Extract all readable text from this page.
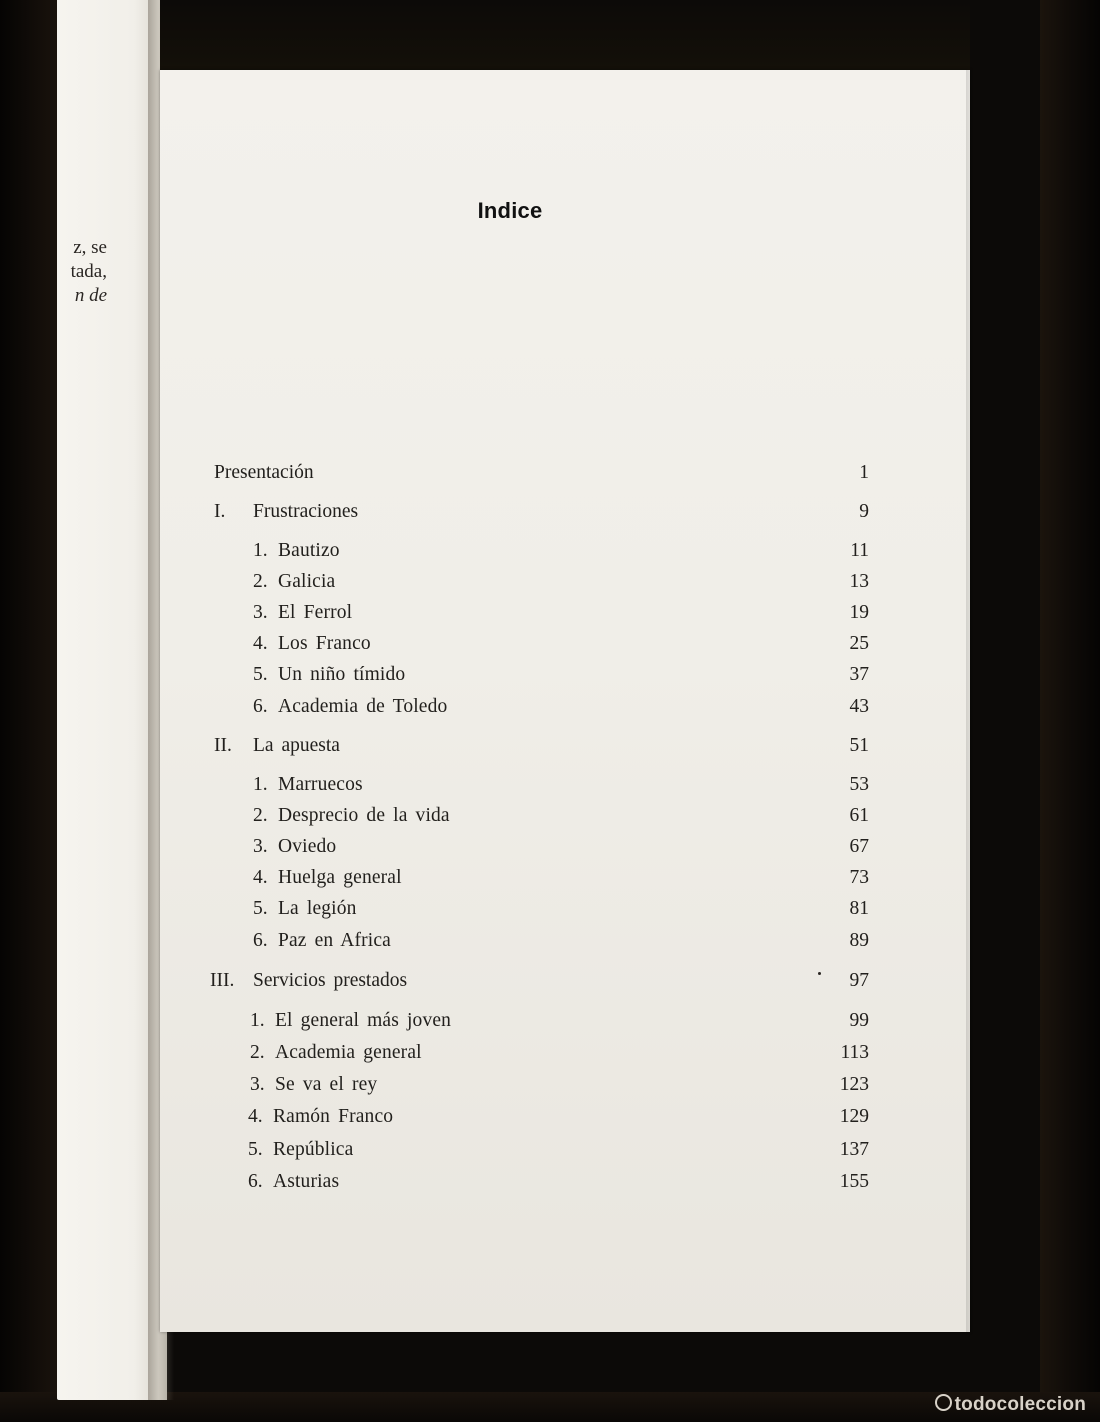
z, se
tada,
n de
Indice
Presentación	1
I. Frustraciones	9
1. Bautizo	11
2. Galicia	13
3. El Ferrol	19
4. Los Franco	25
5. Un niño tímido	37
6. Academia de Toledo	43
II. La apuesta	51
1. Marruecos	53
2. Desprecio de la vida	61
3. Oviedo	67
4. Huelga general	73
5. La legión	81
6. Paz en Africa	89
III. Servicios prestados	97
1. El general más joven	99
2. Academia general	113
3. Se va el rey	123
4. Ramón Franco	129
5. República	137
6. Asturias	155
todocoleccion
